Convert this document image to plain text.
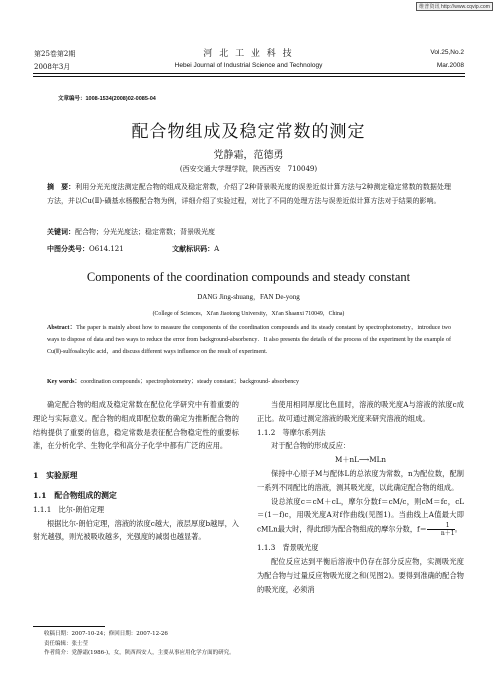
维普资讯 http://www.cqvip.com
第25卷第2期
2008年3月
河 北 工 业 科 技
Hebei Journal of Industrial Science and Technology
Vol.25,No.2
Mar.2008
文章编号：1008-1534(2008)02-0085-04
配合物组成及稳定常数的测定
党静霜，范德勇
(西安交通大学理学院，陕西西安　710049)
摘　要：利用分光光度法测定配合物的组成及稳定常数，介绍了2种背景吸光度的误差近似计算方法与2种测定稳定常数的数据处理方法，并以Cu(Ⅱ)-磺基水杨酸配合物为例，详细介绍了实验过程，对比了不同的处理方法与误差近似计算方法对于结果的影响。
关键词：配合物；分光光度法；稳定常数；背景吸光度
中图分类号：O614.121	文献标识码：A
Components of the coordination compounds and steady constant
DANG Jing-shuang，FAN De-yong
(College of Sciences，Xi'an Jiaotong University，Xi'an Shaanxi 710049，China)
Abstract：The paper is mainly about how to measure the components of the coordination compounds and its steady constant by spectrophotometry，introduce two ways to dispose of data and two ways to reduce the error from background-absorbency．It also presents the details of the process of the experiment by the example of Cu(Ⅱ)-sulfosalicylic acid，and discuss different ways influence on the result of experiment.
Key words：coordination compounds；spectrophotometry；steady constant；background- absorbency

确定配合物的组成及稳定常数在配位化学研究中有着重要的理论与实际意义。配合物的组成即配位数的确定为推断配合物的结构提供了重要的信息，稳定常数是表征配合物稳定性的重要标准，在分析化学、生物化学和高分子化学中都有广泛的应用。

1　实验原理

1.1　配合物组成的测定

1.1.1　比尔-朗伯定理

根据比尔-朗伯定理，溶液的浓度c越大，液层厚度b越厚，入射光越强，则光被吸收越多，光强度的减弱也越显著。

收稿日期：2007-10-24；修回日期：2007-12-26
责任编辑：张士莹
作者简介：党静霜(1986-)，女，陕西西安人，主要从事应用化学方面的研究。

当使用相同厚度比色皿时，溶液的吸光度A与溶液的浓度c成正比。故可通过测定溶液的吸光度来研究溶液的组成。

1.1.2　等摩尔系列法

对于配合物的形成反应：

M＋nL⟶MLn

保持中心原子M与配体L的总浓度为常数，n为配位数，配制一系列不同配比的溶液，测其吸光度，以此确定配合物的组成。

设总浓度c＝cM＋cL，摩尔分数f＝cM/c，则cM＝fc，cL＝(1－f)c，用吸光度A对f作曲线(见图1)。当曲线上A值最大即cMLn最大时，得此f即为配合物组成的摩尔分数，$f= \frac{1}{n+1}$ 。

1.1.3　背景吸光度

配位反应达到平衡后溶液中仍存在部分反应物，实测吸光度为配合物与过量反应物吸光度之和(见图2)。要得到准确的配合物的吸光度，必须消
